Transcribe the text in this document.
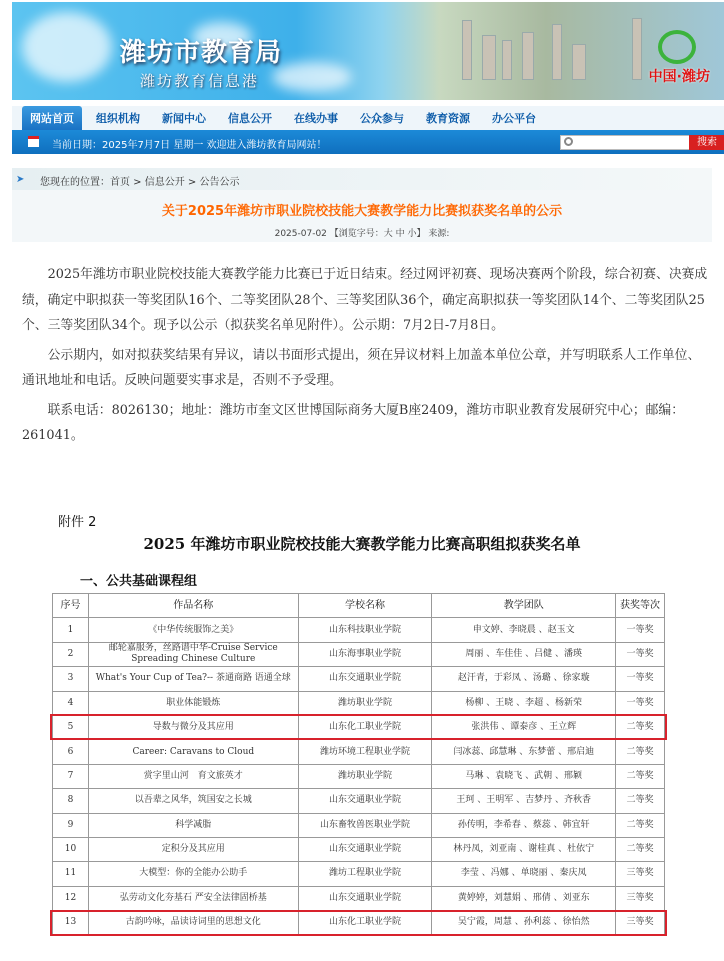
潍坊市教育局
潍坊教育信息港	中国·潍坊
网站首页	组织机构 新闻中心 信息公开 在线办事 公众参与 教育资源 办公平台
当前日期：2025年7月7日 星期一 欢迎进入潍坊教育局网站！	搜索
➤ 您现在的位置：首页 > 信息公开 > 公告公示
关于2025年潍坊市职业院校技能大赛教学能力比赛拟获奖名单的公示
2025-07-02 【浏览字号：大 中 小】 来源:

2025年潍坊市职业院校技能大赛教学能力比赛已于近日结束。经过网评初赛、现场决赛两个阶段，综合初赛、决赛成绩，确定中职拟获一等奖团队16个、二等奖团队28个、三等奖团队36个，确定高职拟获一等奖团队14个、二等奖团队25个、三等奖团队34个。现予以公示（拟获奖名单见附件）。公示期：7月2日-7月8日。

公示期内，如对拟获奖结果有异议，请以书面形式提出，须在异议材料上加盖本单位公章，并写明联系人工作单位、通讯地址和电话。反映问题要实事求是，否则不予受理。

联系电话：8026130；地址：潍坊市奎文区世博国际商务大厦B座2409，潍坊市职业教育发展研究中心；邮编：261041。

附件 2
2025 年潍坊市职业院校技能大赛教学能力比赛高职组拟获奖名单
一、公共基础课程组
序号	作品名称	学校名称	教学团队	获奖等次
1	《中华传统服饰之美》	山东科技职业学院	申文婷、李晓晨 、赵玉文	一等奖
2	邮轮嘉服务，丝路谱中华-Cruise Service Spreading Chinese Culture	山东海事职业学院	周丽 、车佳佳 、吕健 、潘瑛	一等奖
3	What's Your Cup of Tea?-- 茶通商路 语通全球	山东交通职业学院	赵汗青，于彩凤 、汤璐 、徐家璇	一等奖
4	职业体能锻炼	潍坊职业学院	杨柳 、王晓 、李超 、杨新荣	一等奖
5	导数与微分及其应用	山东化工职业学院	张洪伟 、谭泰彦 、王立辉	二等奖
6	Career: Caravans to Cloud	潍坊环境工程职业学院	闫冰蕊、邱慧琳 、东梦蕾 、邢启迪	二等奖
7	赏字里山河　育文旅英才	潍坊职业学院	马琳 、袁晓飞 、武朝 、邢颖	二等奖
8	以吾辈之风华，筑国安之长城	山东交通职业学院	王珂 、王明军 、吉梦丹 、齐秋香	二等奖
9	科学减脂	山东畜牧兽医职业学院	孙传明，李希春 、蔡蕊 、韩宜轩	二等奖
10	定积分及其应用	山东交通职业学院	林丹凤，刘亚南 、谢桂真 、杜依宁	二等奖
11	大模型：你的全能办公助手	潍坊工程职业学院	李莹 、冯娜 、单晓丽 、秦庆凤	三等奖
12	弘劳动文化夯基石 严安全法律固桥基	山东交通职业学院	黄婷婷，刘慧娟 、邢倩 、刘亚东	三等奖
13	古韵吟咏，品读诗词里的思想文化	山东化工职业学院	吴宁霞，周慧 、孙利蕊 、徐怡然	三等奖
